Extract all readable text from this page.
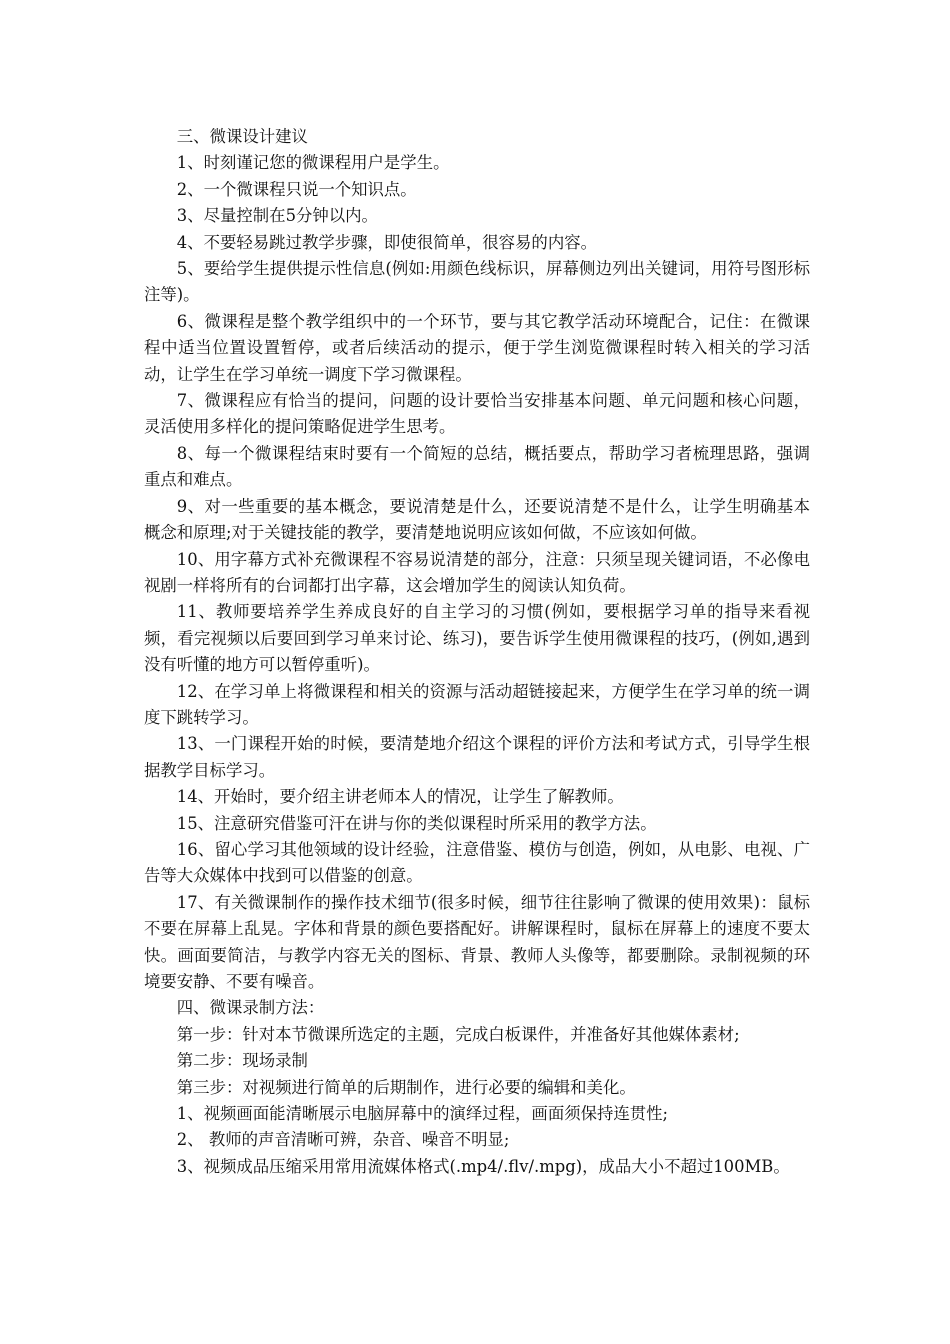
三、微课设计建议

1、时刻谨记您的微课程用户是学生。

2、一个微课程只说一个知识点。

3、尽量控制在5分钟以内。

4、不要轻易跳过教学步骤，即使很简单，很容易的内容。

5、要给学生提供提示性信息(例如:用颜色线标识，屏幕侧边列出关键词，用符号图形标注等)。

6、微课程是整个教学组织中的一个环节，要与其它教学活动环境配合，记住：在微课程中适当位置设置暂停，或者后续活动的提示，便于学生浏览微课程时转入相关的学习活动，让学生在学习单统一调度下学习微课程。

7、微课程应有恰当的提问，问题的设计要恰当安排基本问题、单元问题和核心问题，灵活使用多样化的提问策略促进学生思考。

8、每一个微课程结束时要有一个简短的总结，概括要点，帮助学习者梳理思路，强调重点和难点。

9、对一些重要的基本概念，要说清楚是什么，还要说清楚不是什么，让学生明确基本概念和原理;对于关键技能的教学，要清楚地说明应该如何做，不应该如何做。

10、用字幕方式补充微课程不容易说清楚的部分，注意：只须呈现关键词语，不必像电视剧一样将所有的台词都打出字幕，这会增加学生的阅读认知负荷。

11、教师要培养学生养成良好的自主学习的习惯(例如，要根据学习单的指导来看视频，看完视频以后要回到学习单来讨论、练习)，要告诉学生使用微课程的技巧，(例如,遇到没有听懂的地方可以暂停重听)。

12、在学习单上将微课程和相关的资源与活动超链接起来，方便学生在学习单的统一调度下跳转学习。

13、一门课程开始的时候，要清楚地介绍这个课程的评价方法和考试方式，引导学生根据教学目标学习。

14、开始时，要介绍主讲老师本人的情况，让学生了解教师。

15、注意研究借鉴可汗在讲与你的类似课程时所采用的教学方法。

16、留心学习其他领域的设计经验，注意借鉴、模仿与创造，例如，从电影、电视、广告等大众媒体中找到可以借鉴的创意。

17、有关微课制作的操作技术细节(很多时候，细节往往影响了微课的使用效果)：鼠标不要在屏幕上乱晃。字体和背景的颜色要搭配好。讲解课程时，鼠标在屏幕上的速度不要太快。画面要简洁，与教学内容无关的图标、背景、教师人头像等，都要删除。录制视频的环境要安静、不要有噪音。

四、微课录制方法：

第一步：针对本节微课所选定的主题，完成白板课件，并准备好其他媒体素材;

第二步：现场录制

第三步：对视频进行简单的后期制作，进行必要的编辑和美化。

1、视频画面能清晰展示电脑屏幕中的演绎过程，画面须保持连贯性;

2、 教师的声音清晰可辨，杂音、噪音不明显;

3、视频成品压缩采用常用流媒体格式(.mp4/.flv/.mpg)，成品大小不超过100MB。
